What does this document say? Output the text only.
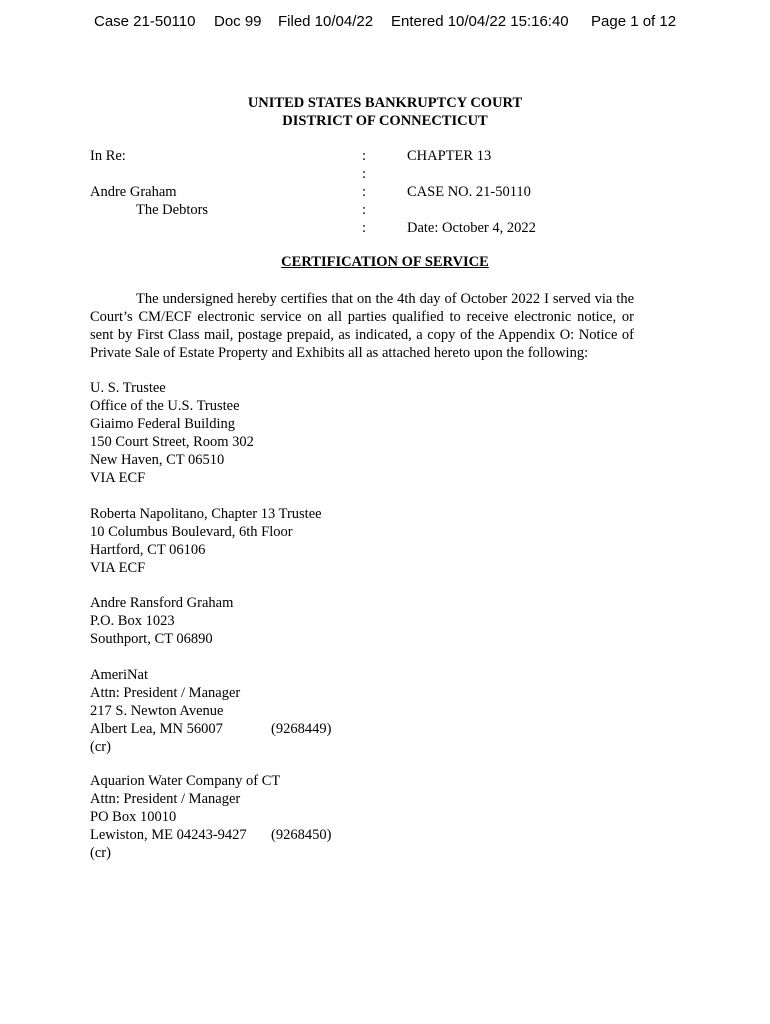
Case 21-50110 Doc 99 Filed 10/04/22 Entered 10/04/22 15:16:40 Page 1 of 12
UNITED STATES BANKRUPTCY COURT
DISTRICT OF CONNECTICUT
In Re:
Andre Graham
The Debtors
:
:
:
:
:
CHAPTER 13
CASE NO. 21-50110
Date: October 4, 2022
CERTIFICATION OF SERVICE
The undersigned hereby certifies that on the 4th day of October 2022 I served via the Court’s CM/ECF electronic service on all parties qualified to receive electronic notice, or sent by First Class mail, postage prepaid, as indicated, a copy of the Appendix O: Notice of Private Sale of Estate Property and Exhibits all as attached hereto upon the following:
U. S. Trustee
Office of the U.S. Trustee
Giaimo Federal Building
150 Court Street, Room 302
New Haven, CT 06510
VIA ECF
Roberta Napolitano, Chapter 13 Trustee
10 Columbus Boulevard, 6th Floor
Hartford, CT 06106
VIA ECF
Andre Ransford Graham
P.O. Box 1023
Southport, CT 06890
AmeriNat
Attn: President / Manager
217 S. Newton Avenue
Albert Lea, MN 56007	(9268449)
(cr)
Aquarion Water Company of CT
Attn: President / Manager
PO Box 10010
Lewiston, ME 04243-9427 (9268450)
(cr)
